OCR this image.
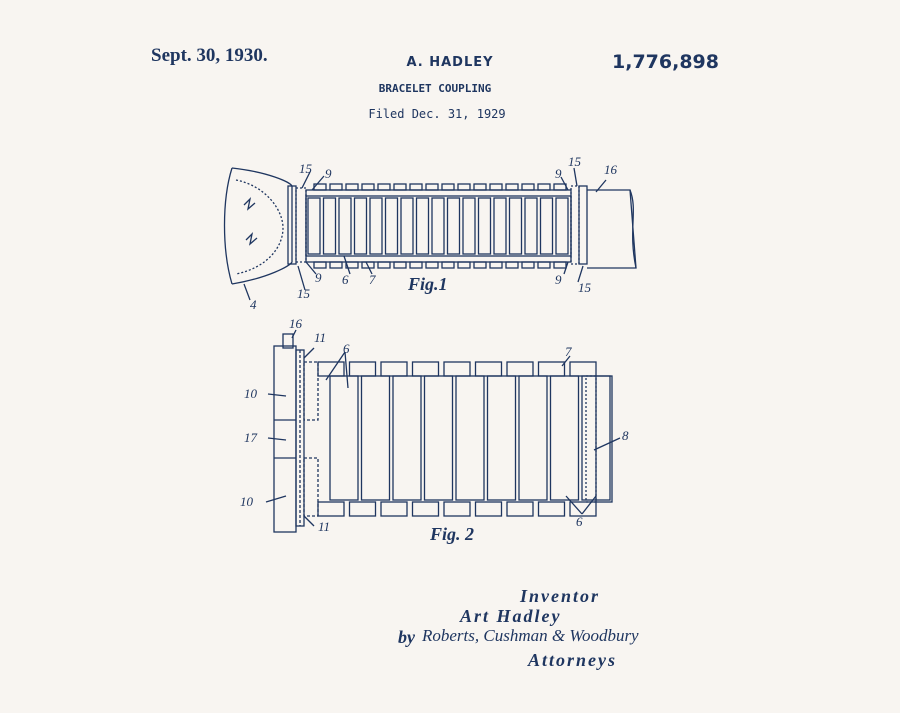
Sept. 30, 1930.	A. HADLEY	1,776,898
BRACELET COUPLING
Filed Dec. 31, 1929
15 9
15
9	16
9 6 7	9
15	15
4
Fig.1
16
11
6	7
10
17	8
10
11	6
Fig. 2
Inventor
Art Hadley
by Roberts, Cushman & Woodbury
Attorneys
